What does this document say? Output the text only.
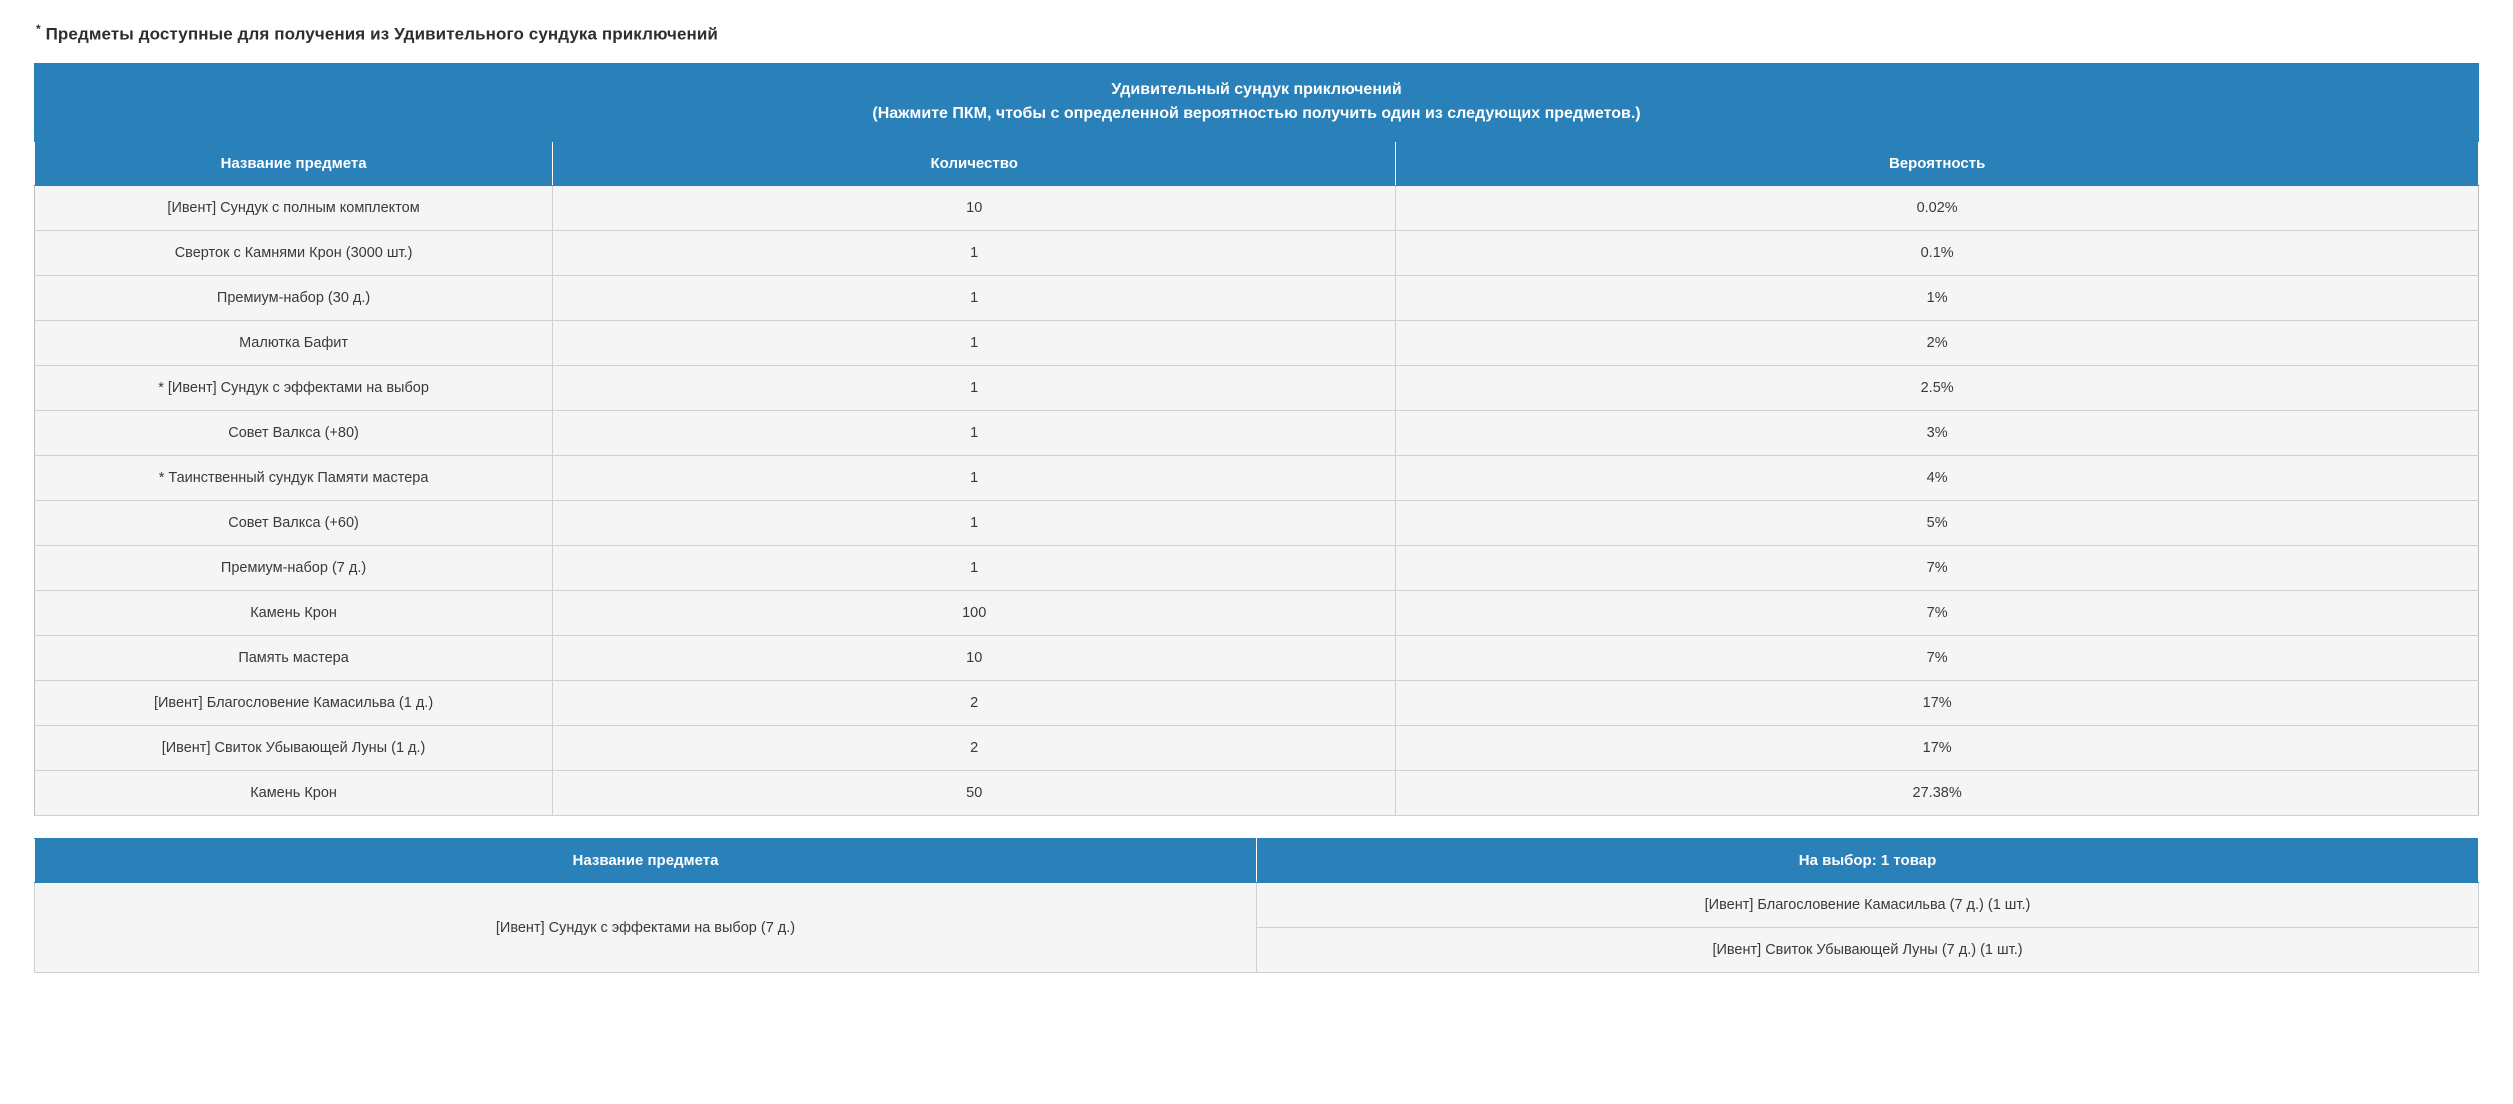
* Предметы доступные для получения из Удивительного сундука приключений
Удивительный сундук приключений
(Нажмите ПКМ, чтобы с определенной вероятностью получить один из следующих предметов.)		

Название предмета	Количество	Вероятность
[Ивент] Сундук с полным комплектом	10	0.02%
Сверток с Камнями Крон (3000 шт.)	1	0.1%
Премиум-набор (30 д.)	1	1%
Малютка Бафит	1	2%
* [Ивент] Сундук с эффектами на выбор	1	2.5%
Совет Валкса (+80)	1	3%
* Таинственный сундук Памяти мастера	1	4%
Совет Валкса (+60)	1	5%
Премиум-набор (7 д.)	1	7%
Камень Крон	100	7%
Память мастера	10	7%
[Ивент] Благословение Камасильва (1 д.)	2	17%
[Ивент] Свиток Убывающей Луны (1 д.)	2	17%
Камень Крон	50	27.38%
Название предмета	На выбор: 1 товар
[Ивент] Сундук с эффектами на выбор (7 д.)	[Ивент] Благословение Камасильва (7 д.) (1 шт.)
	[Ивент] Свиток Убывающей Луны (7 д.) (1 шт.)
